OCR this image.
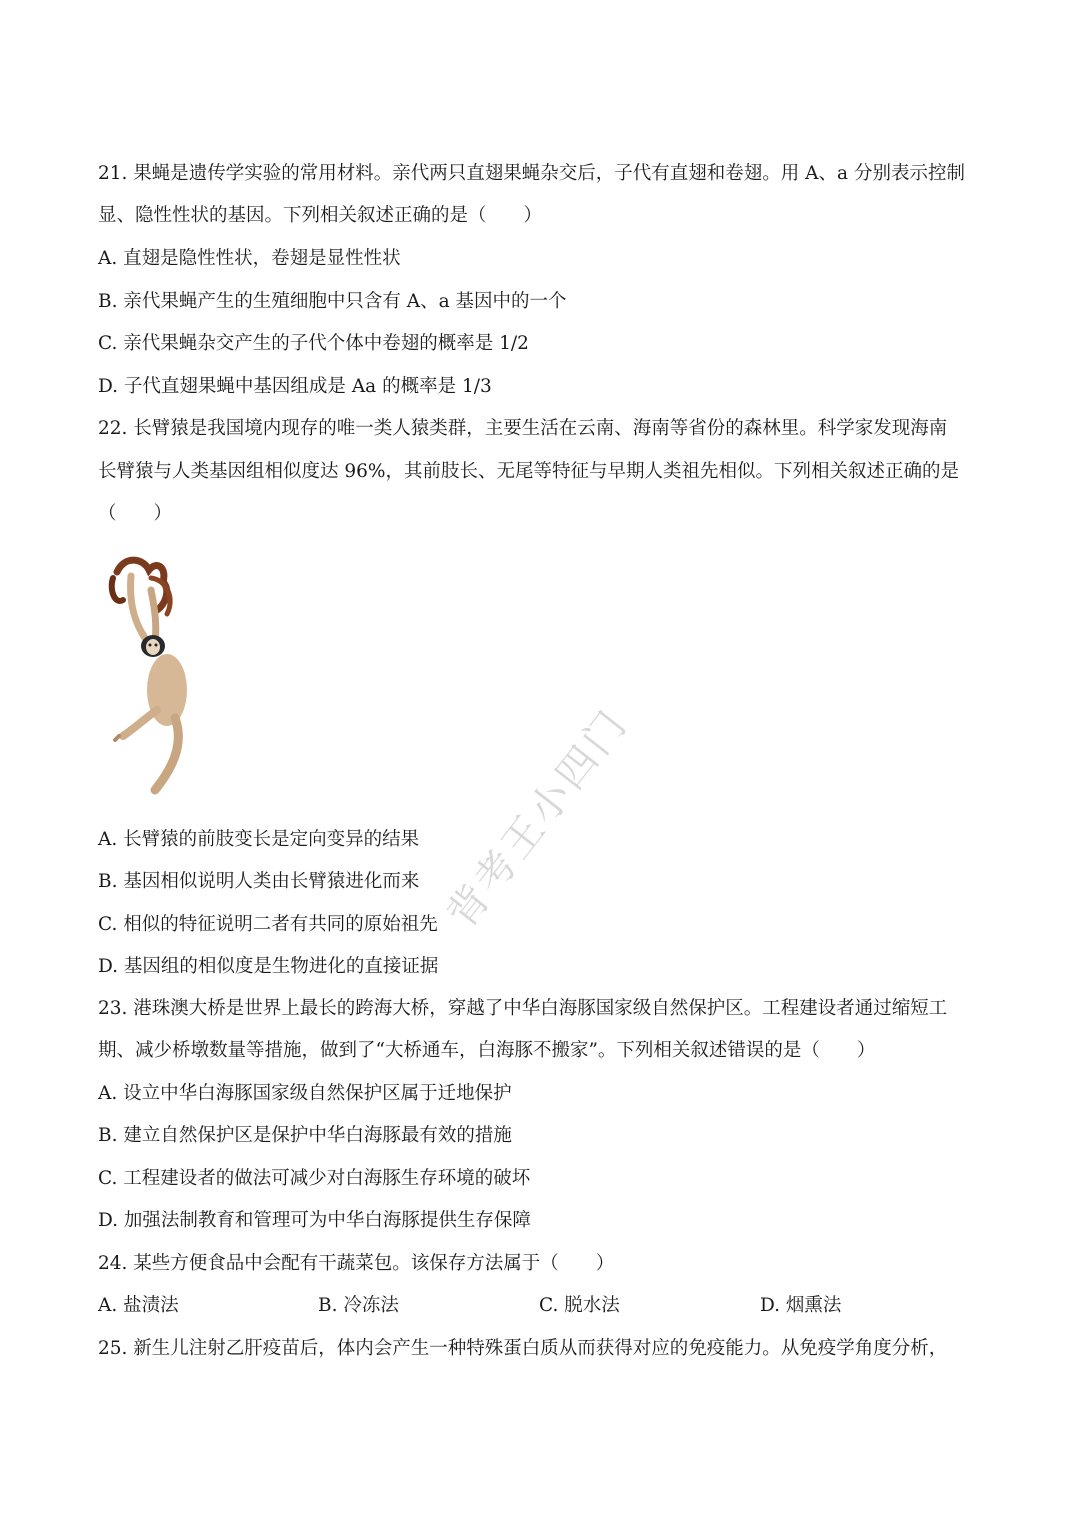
21. 果蝇是遗传学实验的常用材料。亲代两只直翅果蝇杂交后，子代有直翅和卷翅。用 A、a 分别表示控制
显、隐性性状的基因。下列相关叙述正确的是（　　）
A. 直翅是隐性性状，卷翅是显性性状
B. 亲代果蝇产生的生殖细胞中只含有 A、a 基因中的一个
C. 亲代果蝇杂交产生的子代个体中卷翅的概率是 1/2
D. 子代直翅果蝇中基因组成是 Aa 的概率是 1/3
22. 长臂猿是我国境内现存的唯一类人猿类群，主要生活在云南、海南等省份的森林里。科学家发现海南
长臂猿与人类基因组相似度达 96%，其前肢长、无尾等特征与早期人类祖先相似。下列相关叙述正确的是
（　　）
A. 长臂猿的前肢变长是定向变异的结果
B. 基因相似说明人类由长臂猿进化而来
C. 相似的特征说明二者有共同的原始祖先
D. 基因组的相似度是生物进化的直接证据
23. 港珠澳大桥是世界上最长的跨海大桥，穿越了中华白海豚国家级自然保护区。工程建设者通过缩短工
期、减少桥墩数量等措施，做到了“大桥通车，白海豚不搬家”。下列相关叙述错误的是（　　）
A. 设立中华白海豚国家级自然保护区属于迁地保护
B. 建立自然保护区是保护中华白海豚最有效的措施
C. 工程建设者的做法可减少对白海豚生存环境的破坏
D. 加强法制教育和管理可为中华白海豚提供生存保障
24. 某些方便食品中会配有干蔬菜包。该保存方法属于（　　）
A. 盐渍法	B. 冷冻法	C. 脱水法	D. 烟熏法
25. 新生儿注射乙肝疫苗后，体内会产生一种特殊蛋白质从而获得对应的免疫能力。从免疫学角度分析，
背考王小四门
